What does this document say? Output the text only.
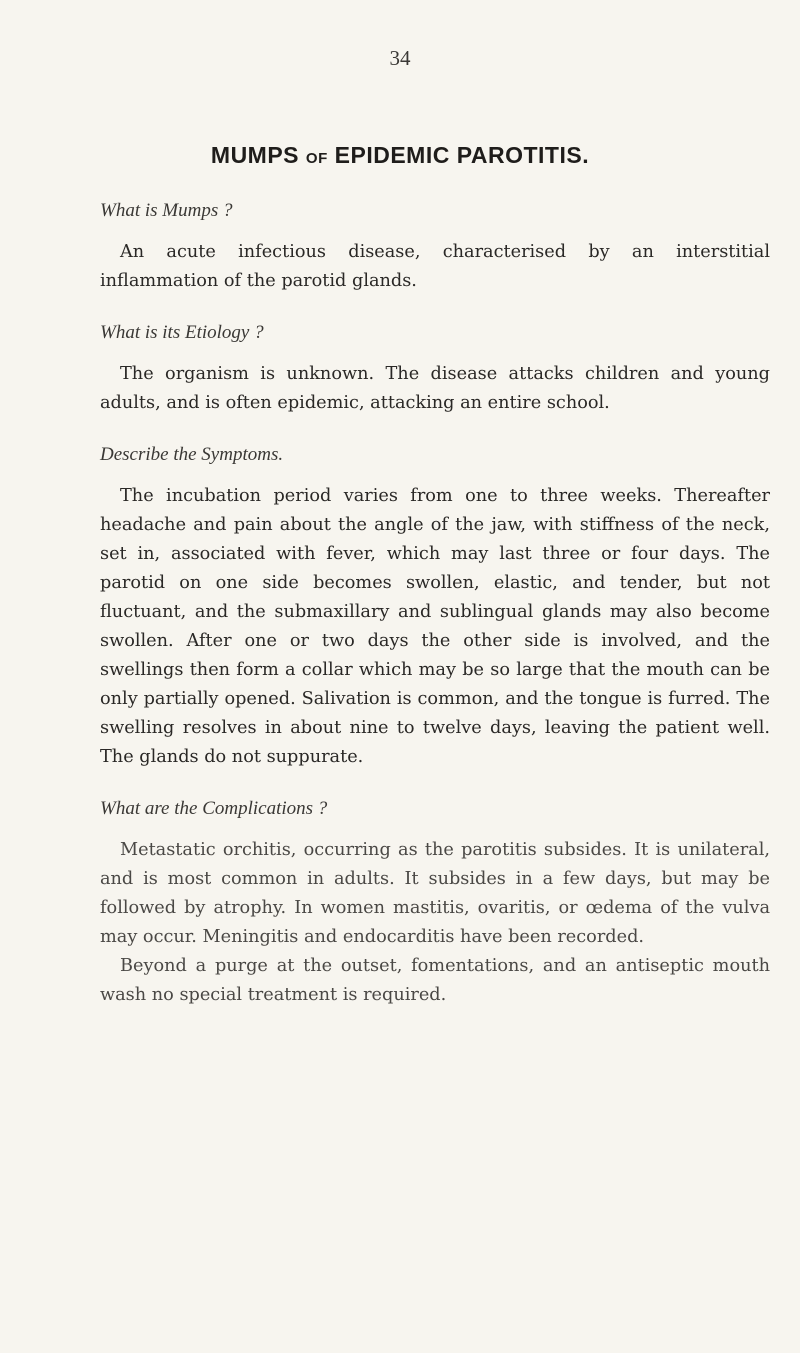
34
MUMPS OF EPIDEMIC PAROTITIS.

What is Mumps ?

An acute infectious disease, characterised by an interstitial inflammation of the parotid glands.

What is its Etiology ?

The organism is unknown. The disease attacks children and young adults, and is often epidemic, attacking an entire school.

Describe the Symptoms.

The incubation period varies from one to three weeks. Thereafter headache and pain about the angle of the jaw, with stiffness of the neck, set in, associated with fever, which may last three or four days. The parotid on one side becomes swollen, elastic, and tender, but not fluctuant, and the submaxillary and sublingual glands may also become swollen. After one or two days the other side is involved, and the swellings then form a collar which may be so large that the mouth can be only partially opened. Salivation is common, and the tongue is furred. The swelling resolves in about nine to twelve days, leaving the patient well. The glands do not suppurate.

What are the Complications ?

Metastatic orchitis, occurring as the parotitis subsides. It is unilateral, and is most common in adults. It subsides in a few days, but may be followed by atrophy. In women mastitis, ovaritis, or œdema of the vulva may occur. Meningitis and endocarditis have been recorded.

Beyond a purge at the outset, fomentations, and an antiseptic mouth wash no special treatment is required.
